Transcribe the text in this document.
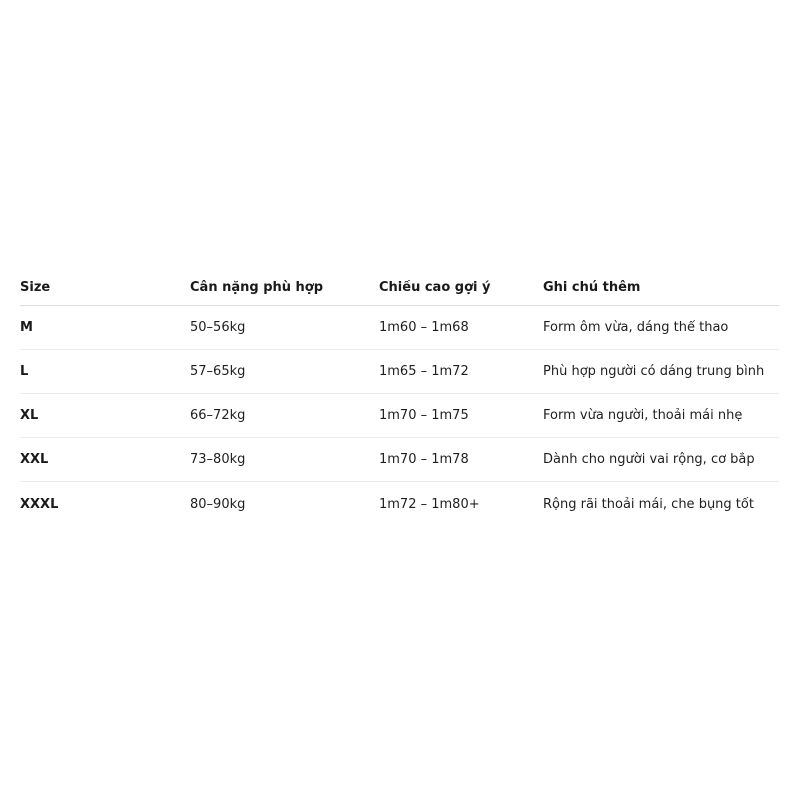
Size	Cân nặng phù hợp	Chiều cao gợi ý	Ghi chú thêm
M	50–56kg	1m60 – 1m68	Form ôm vừa, dáng thể thao
L	57–65kg	1m65 – 1m72	Phù hợp người có dáng trung bình
XL	66–72kg	1m70 – 1m75	Form vừa người, thoải mái nhẹ
XXL	73–80kg	1m70 – 1m78	Dành cho người vai rộng, cơ bắp
XXXL	80–90kg	1m72 – 1m80+	Rộng rãi thoải mái, che bụng tốt
